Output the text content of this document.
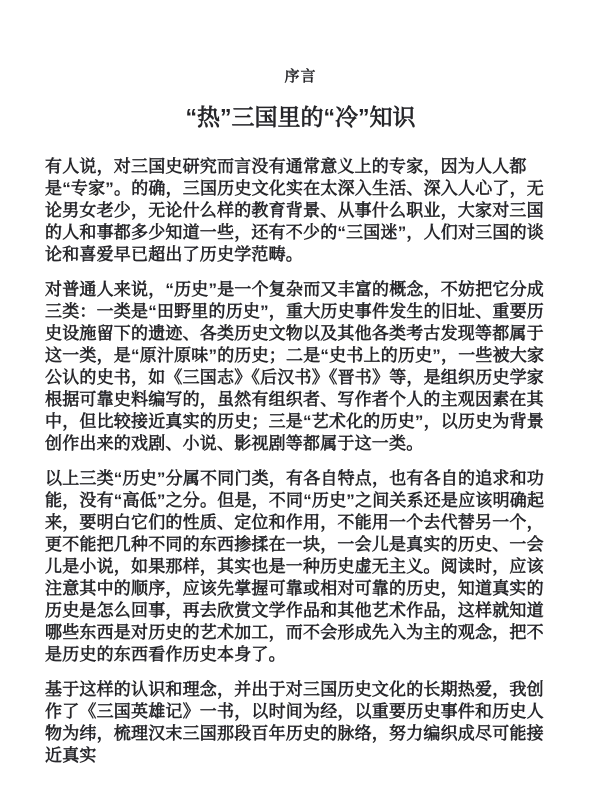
序言
“热”三国里的“冷”知识

有人说，对三国史研究而言没有通常意义上的专家，因为人人都是“专家”。的确，三国历史文化实在太深入生活、深入人心了，无论男女老少，无论什么样的教育背景、从事什么职业，大家对三国的人和事都多少知道一些，还有不少的“三国迷”，人们对三国的谈论和喜爱早已超出了历史学范畴。

对普通人来说，“历史”是一个复杂而又丰富的概念，不妨把它分成三类：一类是“田野里的历史”，重大历史事件发生的旧址、重要历史设施留下的遗迹、各类历史文物以及其他各类考古发现等都属于这一类，是“原汁原味”的历史；二是“史书上的历史”，一些被大家公认的史书，如《三国志》《后汉书》《晋书》等，是组织历史学家根据可靠史料编写的，虽然有组织者、写作者个人的主观因素在其中，但比较接近真实的历史；三是“艺术化的历史”，以历史为背景创作出来的戏剧、小说、影视剧等都属于这一类。

以上三类“历史”分属不同门类，有各自特点，也有各自的追求和功能，没有“高低”之分。但是，不同“历史”之间关系还是应该明确起来，要明白它们的性质、定位和作用，不能用一个去代替另一个，更不能把几种不同的东西掺揉在一块，一会儿是真实的历史、一会儿是小说，如果那样，其实也是一种历史虚无主义。阅读时，应该注意其中的顺序，应该先掌握可靠或相对可靠的历史，知道真实的历史是怎么回事，再去欣赏文学作品和其他艺术作品，这样就知道哪些东西是对历史的艺术加工，而不会形成先入为主的观念，把不是历史的东西看作历史本身了。

基于这样的认识和理念，并出于对三国历史文化的长期热爱，我创作了《三国英雄记》一书，以时间为经，以重要历史事件和历史人物为纬，梳理汉末三国那段百年历史的脉络，努力编织成尽可能接近真实
